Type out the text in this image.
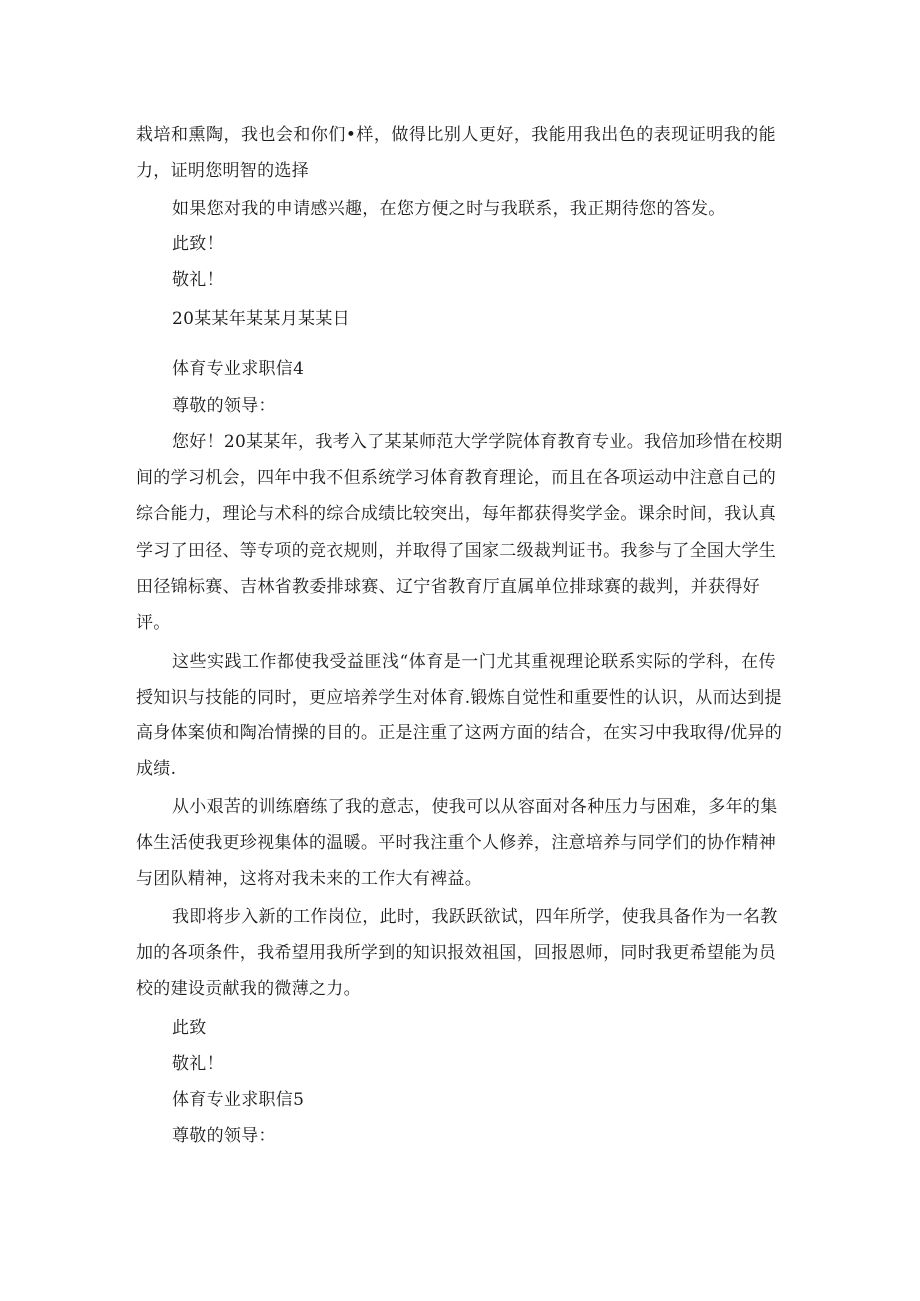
栽培和熏陶，我也会和你们•样，做得比别人更好，我能用我出色的表现证明我的能
力，证明您明智的选择
如果您对我的申请感兴趣，在您方便之时与我联系，我正期待您的答发。
此致！
敬礼！
20某某年某某月某某日
体育专业求职信4
尊敬的领导：
您好！20某某年，我考入了某某师范大学学院体育教育专业。我倍加珍惜在校期
间的学习机会，四年中我不但系统学习体育教育理论，而且在各项运动中注意自己的
综合能力，理论与术科的综合成绩比较突出，每年都获得奖学金。课余时间，我认真
学习了田径、等专项的竞衣规则，并取得了国家二级裁判证书。我参与了全国大学生
田径锦标赛、吉林省教委排球赛、辽宁省教育厅直属单位排球赛的裁判，并获得好
评。
这些实践工作都使我受益匪浅“体育是一门尤其重视理论联系实际的学科，在传
授知识与技能的同时，更应培养学生对体育.锻炼自觉性和重要性的认识，从而达到提
高身体案侦和陶冶情操的目的。正是注重了这两方面的结合，在实习中我取得/优异的
成绩.
从小艰苦的训练磨练了我的意志，使我可以从容面对各种压力与困难，多年的集
体生活使我更珍视集体的温暖。平时我注重个人修养，注意培养与同学们的协作精神
与团队精神，这将对我未来的工作大有裨益。
我即将步入新的工作岗位，此时，我跃跃欲试，四年所学，使我具备作为一名教
加的各项条件，我希望用我所学到的知识报效祖国，回报恩师，同时我更希望能为员
校的建设贡献我的微薄之力。
此致
敬礼！
体育专业求职信5
尊敬的领导：
